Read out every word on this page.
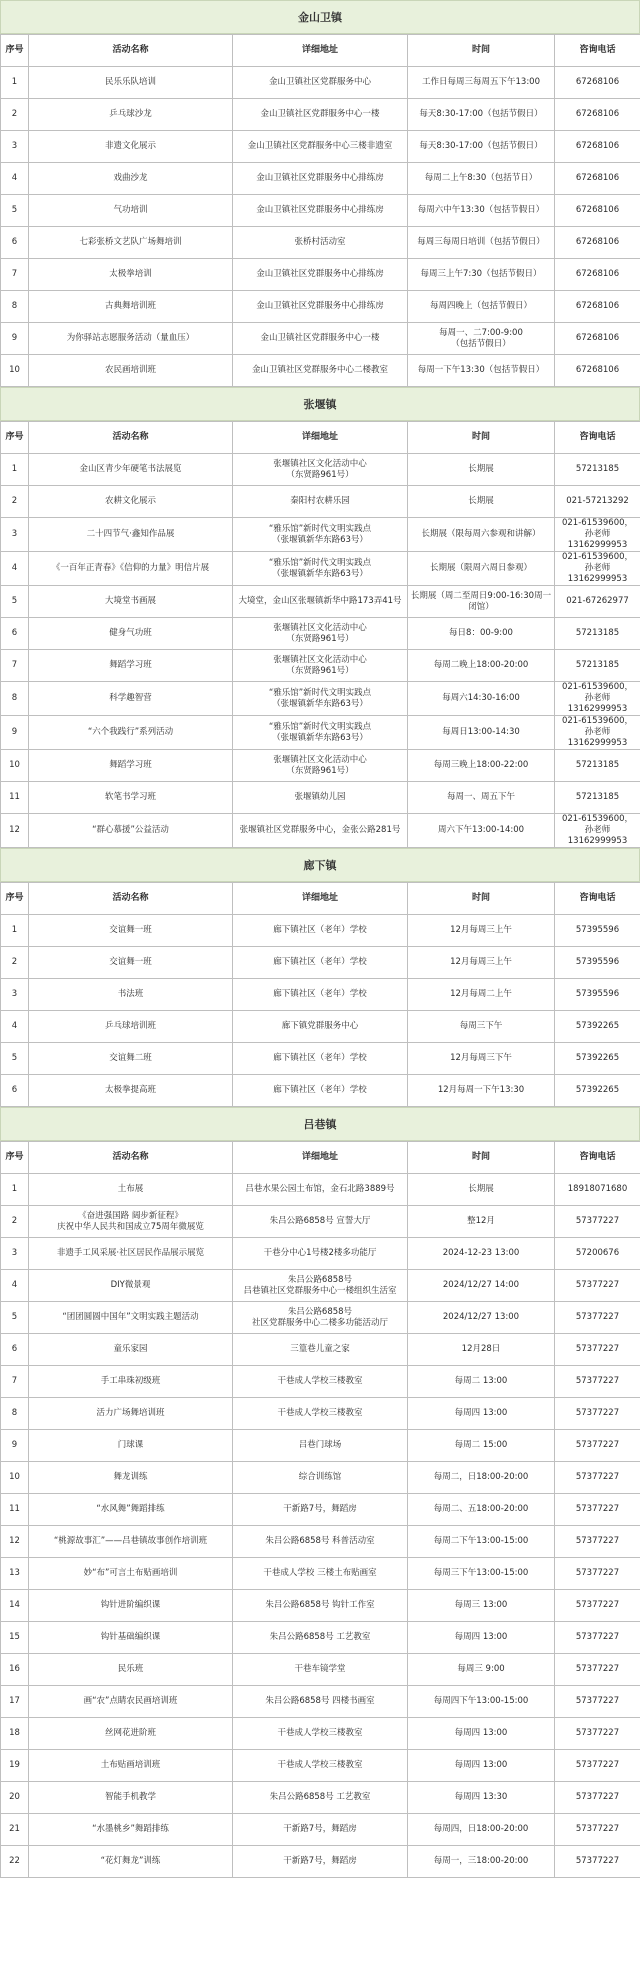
金山卫镇
序号	活动名称	详细地址	时间	咨询电话
1	民乐乐队培训	金山卫镇社区党群服务中心	工作日每周三每周五下午13:00	67268106
2	乒乓球沙龙	金山卫镇社区党群服务中心一楼	每天8:30-17:00（包括节假日）	67268106
3	非遗文化展示	金山卫镇社区党群服务中心三楼非遗室	每天8:30-17:00（包括节假日）	67268106
4	戏曲沙龙	金山卫镇社区党群服务中心排练房	每周二上午8:30（包括节日）	67268106
5	气功培训	金山卫镇社区党群服务中心排练房	每周六中午13:30（包括节假日）	67268106
6	七彩张桥文艺队广场舞培训	张桥村活动室	每周三每周日培训（包括节假日）	67268106
7	太极拳培训	金山卫镇社区党群服务中心排练房	每周三上午7:30（包括节假日）	67268106
8	古典舞培训班	金山卫镇社区党群服务中心排练房	每周四晚上（包括节假日）	67268106
9	为你驿站志愿服务活动（量血压）	金山卫镇社区党群服务中心一楼	每周一、二7:00-9:00
（包括节假日）	67268106
10	农民画培训班	金山卫镇社区党群服务中心二楼教室	每周一下午13:30（包括节假日）	67268106
张堰镇
序号	活动名称	详细地址	时间	咨询电话
1	金山区青少年硬笔书法展览	张堰镇社区文化活动中心
（东贤路961号）	长期展	57213185
2	农耕文化展示	秦阳村农耕乐园	长期展	021-57213292
3	二十四节气·鑫知作品展	“雅乐馆”新时代文明实践点
（张堰镇新华东路63号）	长期展（限每周六参观和讲解）	021-61539600，
孙老师13162999953
4	《一百年正青春》《信仰的力量》明信片展	“雅乐馆”新时代文明实践点
（张堰镇新华东路63号）	长期展（限周六周日参观）	021-61539600，
孙老师13162999953
5	大境堂书画展	大境堂，金山区张堰镇新华中路173弄41号	长期展（周二至周日9:00-16:30周一闭馆）	021-67262977
6	健身气功班	张堰镇社区文化活动中心
（东贤路961号）	每日8：00-9:00	57213185
7	舞蹈学习班	张堰镇社区文化活动中心
（东贤路961号）	每周二晚上18:00-20:00	57213185
8	科学趣智营	“雅乐馆”新时代文明实践点
（张堰镇新华东路63号）	每周六14:30-16:00	021-61539600，
孙老师13162999953
9	“六个我践行”系列活动	“雅乐馆”新时代文明实践点
（张堰镇新华东路63号）	每周日13:00-14:30	021-61539600，
孙老师13162999953
10	舞蹈学习班	张堰镇社区文化活动中心
（东贤路961号）	每周三晚上18:00-22:00	57213185
11	软笔书学习班	张堰镇幼儿园	每周一、周五下午	57213185
12	“群心慕援”公益活动	张堰镇社区党群服务中心，金张公路281号	周六下午13:00-14:00	021-61539600，
孙老师13162999953
廊下镇
序号	活动名称	详细地址	时间	咨询电话
1	交谊舞一班	廊下镇社区（老年）学校	12月每周三上午	57395596
2	交谊舞一班	廊下镇社区（老年）学校	12月每周三上午	57395596
3	书法班	廊下镇社区（老年）学校	12月每周二上午	57395596
4	乒乓球培训班	廊下镇党群服务中心	每周三下午	57392265
5	交谊舞二班	廊下镇社区（老年）学校	12月每周三下午	57392265
6	太极拳提高班	廊下镇社区（老年）学校	12月每周一下午13:30	57392265
吕巷镇
序号	活动名称	详细地址	时间	咨询电话
1	土布展	吕巷水果公园土布馆，金石北路3889号	长期展	18918071680
2	《奋进强国路 阔步新征程》
庆祝中华人民共和国成立75周年微展览	朱吕公路6858号 宣誓大厅	整12月	57377227
3	非遗手工风采展·社区居民作品展示展览	干巷分中心1号楼2楼多功能厅	2024-12-23 13:00	57200676
4	DIY微景观	朱吕公路6858号
吕巷镇社区党群服务中心一楼组织生活室	2024/12/27 14:00	57377227
5	“团团圆圆中国年”文明实践主题活动	朱吕公路6858号
社区党群服务中心二楼多功能活动厅	2024/12/27 13:00	57377227
6	童乐家园	三篁巷儿童之家	12月28日	57377227
7	手工串珠初级班	干巷成人学校三楼教室	每周二 13:00	57377227
8	活力广场舞培训班	干巷成人学校三楼教室	每周四 13:00	57377227
9	门球课	吕巷门球场	每周二 15:00	57377227
10	舞龙训练	综合训练馆	每周二，日18:00-20:00	57377227
11	“水风舞”舞蹈排练	干新路7号，舞蹈房	每周二、五18:00-20:00	57377227
12	“桃源故事汇”——吕巷镇故事创作培训班	朱吕公路6858号 科普活动室	每周二下午13:00-15:00	57377227
13	妙“布”可言土布贴画培训	干巷成人学校 三楼土布贴画室	每周三下午13:00-15:00	57377227
14	钩针进阶编织课	朱吕公路6858号 钩针工作室	每周三 13:00	57377227
15	钩针基础编织课	朱吕公路6858号 工艺教室	每周四 13:00	57377227
16	民乐班	干巷车镜学堂	每周三 9:00	57377227
17	画“农”点睛农民画培训班	朱吕公路6858号 四楼书画室	每周四下午13:00-15:00	57377227
18	丝网花进阶班	干巷成人学校三楼教室	每周四 13:00	57377227
19	土布贴画培训班	干巷成人学校三楼教室	每周四 13:00	57377227
20	智能手机教学	朱吕公路6858号 工艺教室	每周四 13:30	57377227
21	“水墨桃乡”舞蹈排练	干新路7号，舞蹈房	每周四，日18:00-20:00	57377227
22	“花灯舞龙”训练	干新路7号，舞蹈房	每周一，三18:00-20:00	57377227
